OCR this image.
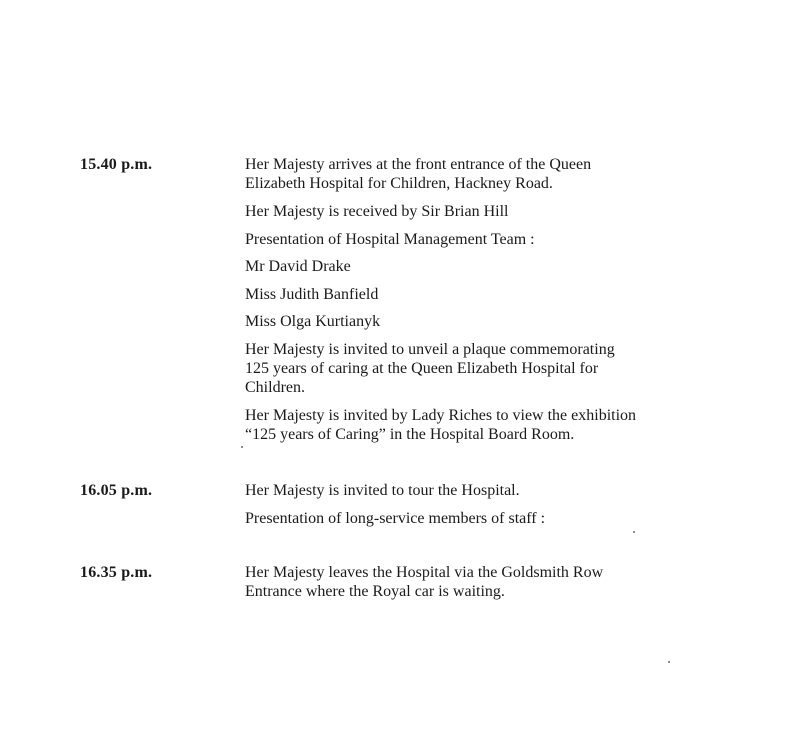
15.40 p.m.	Her Majesty arrives at the front entrance of the Queen
Elizabeth Hospital for Children, Hackney Road.
Her Majesty is received by Sir Brian Hill
Presentation of Hospital Management Team :
Mr David Drake
Miss Judith Banfield
Miss Olga Kurtianyk
Her Majesty is invited to unveil a plaque commemorating
125 years of caring at the Queen Elizabeth Hospital for
Children.
Her Majesty is invited by Lady Riches to view the exhibition
“125 years of Caring” in the Hospital Board Room.
16.05 p.m.	Her Majesty is invited to tour the Hospital.
Presentation of long-service members of staff :
16.35 p.m.	Her Majesty leaves the Hospital via the Goldsmith Row
Entrance where the Royal car is waiting.
